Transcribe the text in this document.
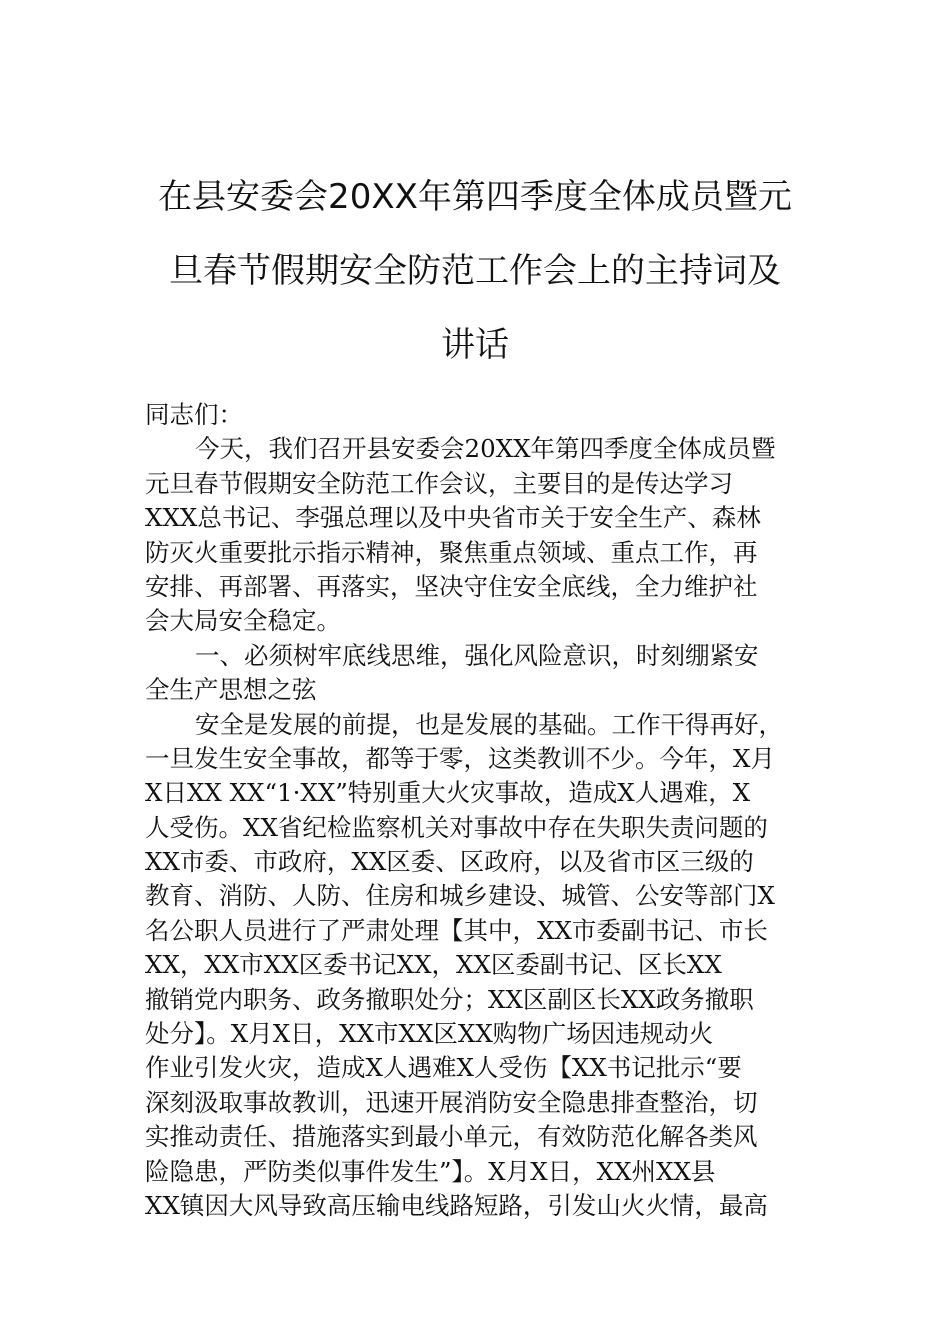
在县安委会20XX年第四季度全体成员暨元
旦春节假期安全防范工作会上的主持词及
讲话
同志们：
今天，我们召开县安委会20XX年第四季度全体成员暨
元旦春节假期安全防范工作会议，主要目的是传达学习
XXX总书记、李强总理以及中央省市关于安全生产、森林
防灭火重要批示指示精神，聚焦重点领域、重点工作，再
安排、再部署、再落实，坚决守住安全底线，全力维护社
会大局安全稳定。
一、必须树牢底线思维，强化风险意识，时刻绷紧安
全生产思想之弦
安全是发展的前提，也是发展的基础。工作干得再好，
一旦发生安全事故，都等于零，这类教训不少。今年，X月
X日XX XX“1·XX”特别重大火灾事故，造成X人遇难，X
人受伤。XX省纪检监察机关对事故中存在失职失责问题的
XX市委、市政府，XX区委、区政府，以及省市区三级的
教育、消防、人防、住房和城乡建设、城管、公安等部门X
名公职人员进行了严肃处理【其中，XX市委副书记、市长
XX，XX市XX区委书记XX，XX区委副书记、区长XX
撤销党内职务、政务撤职处分；XX区副区长XX政务撤职
处分】。X月X日，XX市XX区XX购物广场因违规动火
作业引发火灾，造成X人遇难X人受伤【XX书记批示“要
深刻汲取事故教训，迅速开展消防安全隐患排查整治，切
实推动责任、措施落实到最小单元，有效防范化解各类风
险隐患，严防类似事件发生”】。X月X日，XX州XX县
XX镇因大风导致高压输电线路短路，引发山火火情，最高
